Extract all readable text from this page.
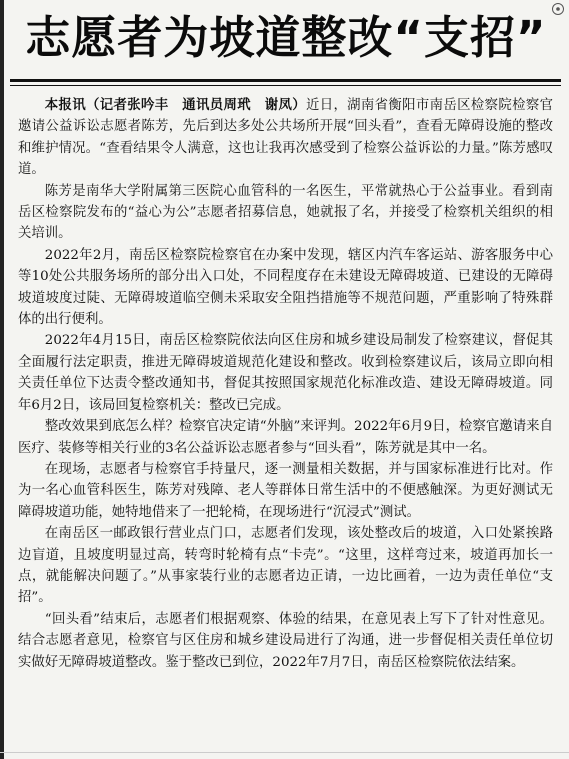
志愿者为坡道整改“支招”

本报讯（记者张吟丰　通讯员周玳　谢凤）近日，湖南省衡阳市南岳区检察院检察官邀请公益诉讼志愿者陈芳，先后到达多处公共场所开展“回头看”，查看无障碍设施的整改和维护情况。“查看结果令人满意，这也让我再次感受到了检察公益诉讼的力量。”陈芳感叹道。

陈芳是南华大学附属第三医院心血管科的一名医生，平常就热心于公益事业。看到南岳区检察院发布的“益心为公”志愿者招募信息，她就报了名，并接受了检察机关组织的相关培训。

2022年2月，南岳区检察院检察官在办案中发现，辖区内汽车客运站、游客服务中心等10处公共服务场所的部分出入口处，不同程度存在未建设无障碍坡道、已建设的无障碍坡道坡度过陡、无障碍坡道临空侧未采取安全阻挡措施等不规范问题，严重影响了特殊群体的出行便利。

2022年4月15日，南岳区检察院依法向区住房和城乡建设局制发了检察建议，督促其全面履行法定职责，推进无障碍坡道规范化建设和整改。收到检察建议后，该局立即向相关责任单位下达责令整改通知书，督促其按照国家规范化标准改造、建设无障碍坡道。同年6月2日，该局回复检察机关：整改已完成。

整改效果到底怎么样？检察官决定请“外脑”来评判。2022年6月9日，检察官邀请来自医疗、装修等相关行业的3名公益诉讼志愿者参与“回头看”，陈芳就是其中一名。

在现场，志愿者与检察官手持量尺，逐一测量相关数据，并与国家标准进行比对。作为一名心血管科医生，陈芳对残障、老人等群体日常生活中的不便感触深。为更好测试无障碍坡道功能，她特地借来了一把轮椅，在现场进行“沉浸式”测试。

在南岳区一邮政银行营业点门口，志愿者们发现，该处整改后的坡道，入口处紧挨路边盲道，且坡度明显过高，转弯时轮椅有点“卡壳”。“这里，这样弯过来，坡道再加长一点，就能解决问题了。”从事家装行业的志愿者边正请，一边比画着，一边为责任单位“支招”。

“回头看”结束后，志愿者们根据观察、体验的结果，在意见表上写下了针对性意见。结合志愿者意见，检察官与区住房和城乡建设局进行了沟通，进一步督促相关责任单位切实做好无障碍坡道整改。鉴于整改已到位，2022年7月7日，南岳区检察院依法结案。
